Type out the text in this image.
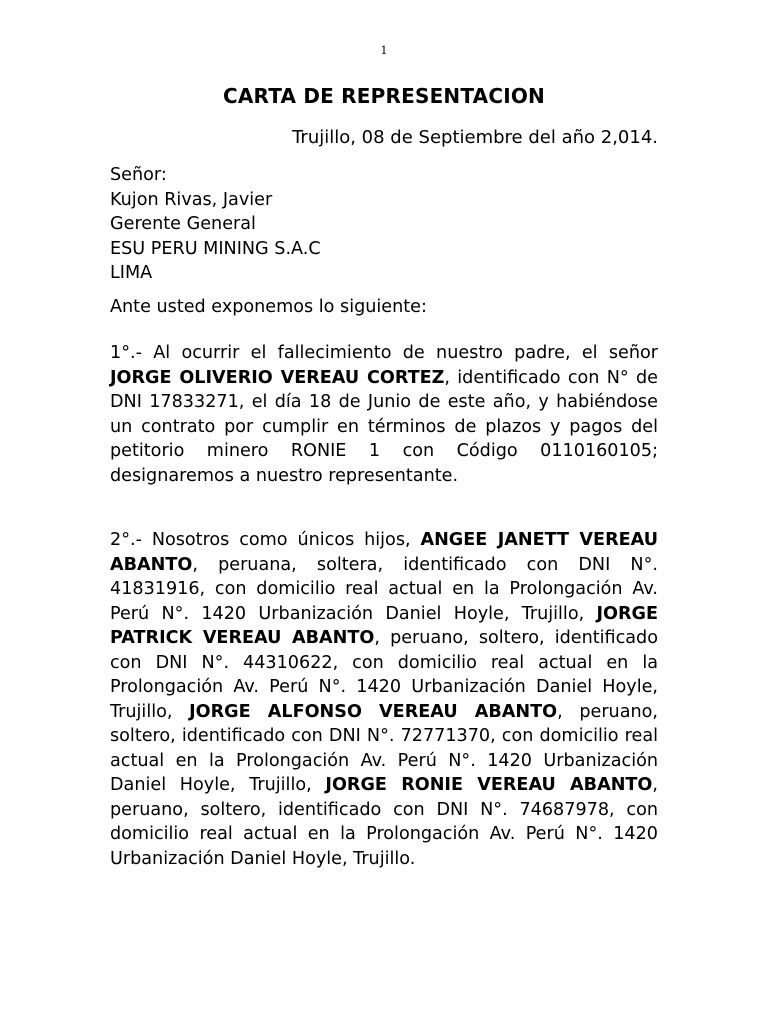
1
CARTA DE REPRESENTACION
Trujillo, 08 de Septiembre del año 2,014.
Señor:
Kujon Rivas, Javier
Gerente General
ESU PERU MINING S.A.C
LIMA
Ante usted exponemos lo siguiente:
1°.- Al ocurrir el fallecimiento de nuestro padre, el señor JORGE OLIVERIO VEREAU CORTEZ, identificado con N° de DNI 17833271, el día 18 de Junio de este año, y habiéndose un contrato por cumplir en términos de plazos y pagos del petitorio minero RONIE 1 con Código 0110160105; designaremos a nuestro representante.
2°.- Nosotros como únicos hijos, ANGEE JANETT VEREAU ABANTO, peruana, soltera, identificado con DNI N°. 41831916, con domicilio real actual en la Prolongación Av. Perú N°. 1420 Urbanización Daniel Hoyle, Trujillo, JORGE PATRICK VEREAU ABANTO, peruano, soltero, identificado con DNI N°. 44310622, con domicilio real actual en la Prolongación Av. Perú N°. 1420 Urbanización Daniel Hoyle, Trujillo, JORGE ALFONSO VEREAU ABANTO, peruano, soltero, identificado con DNI N°. 72771370, con domicilio real actual en la Prolongación Av. Perú N°. 1420 Urbanización Daniel Hoyle, Trujillo, JORGE RONIE VEREAU ABANTO, peruano, soltero, identificado con DNI N°. 74687978, con domicilio real actual en la Prolongación Av. Perú N°. 1420 Urbanización Daniel Hoyle, Trujillo.
